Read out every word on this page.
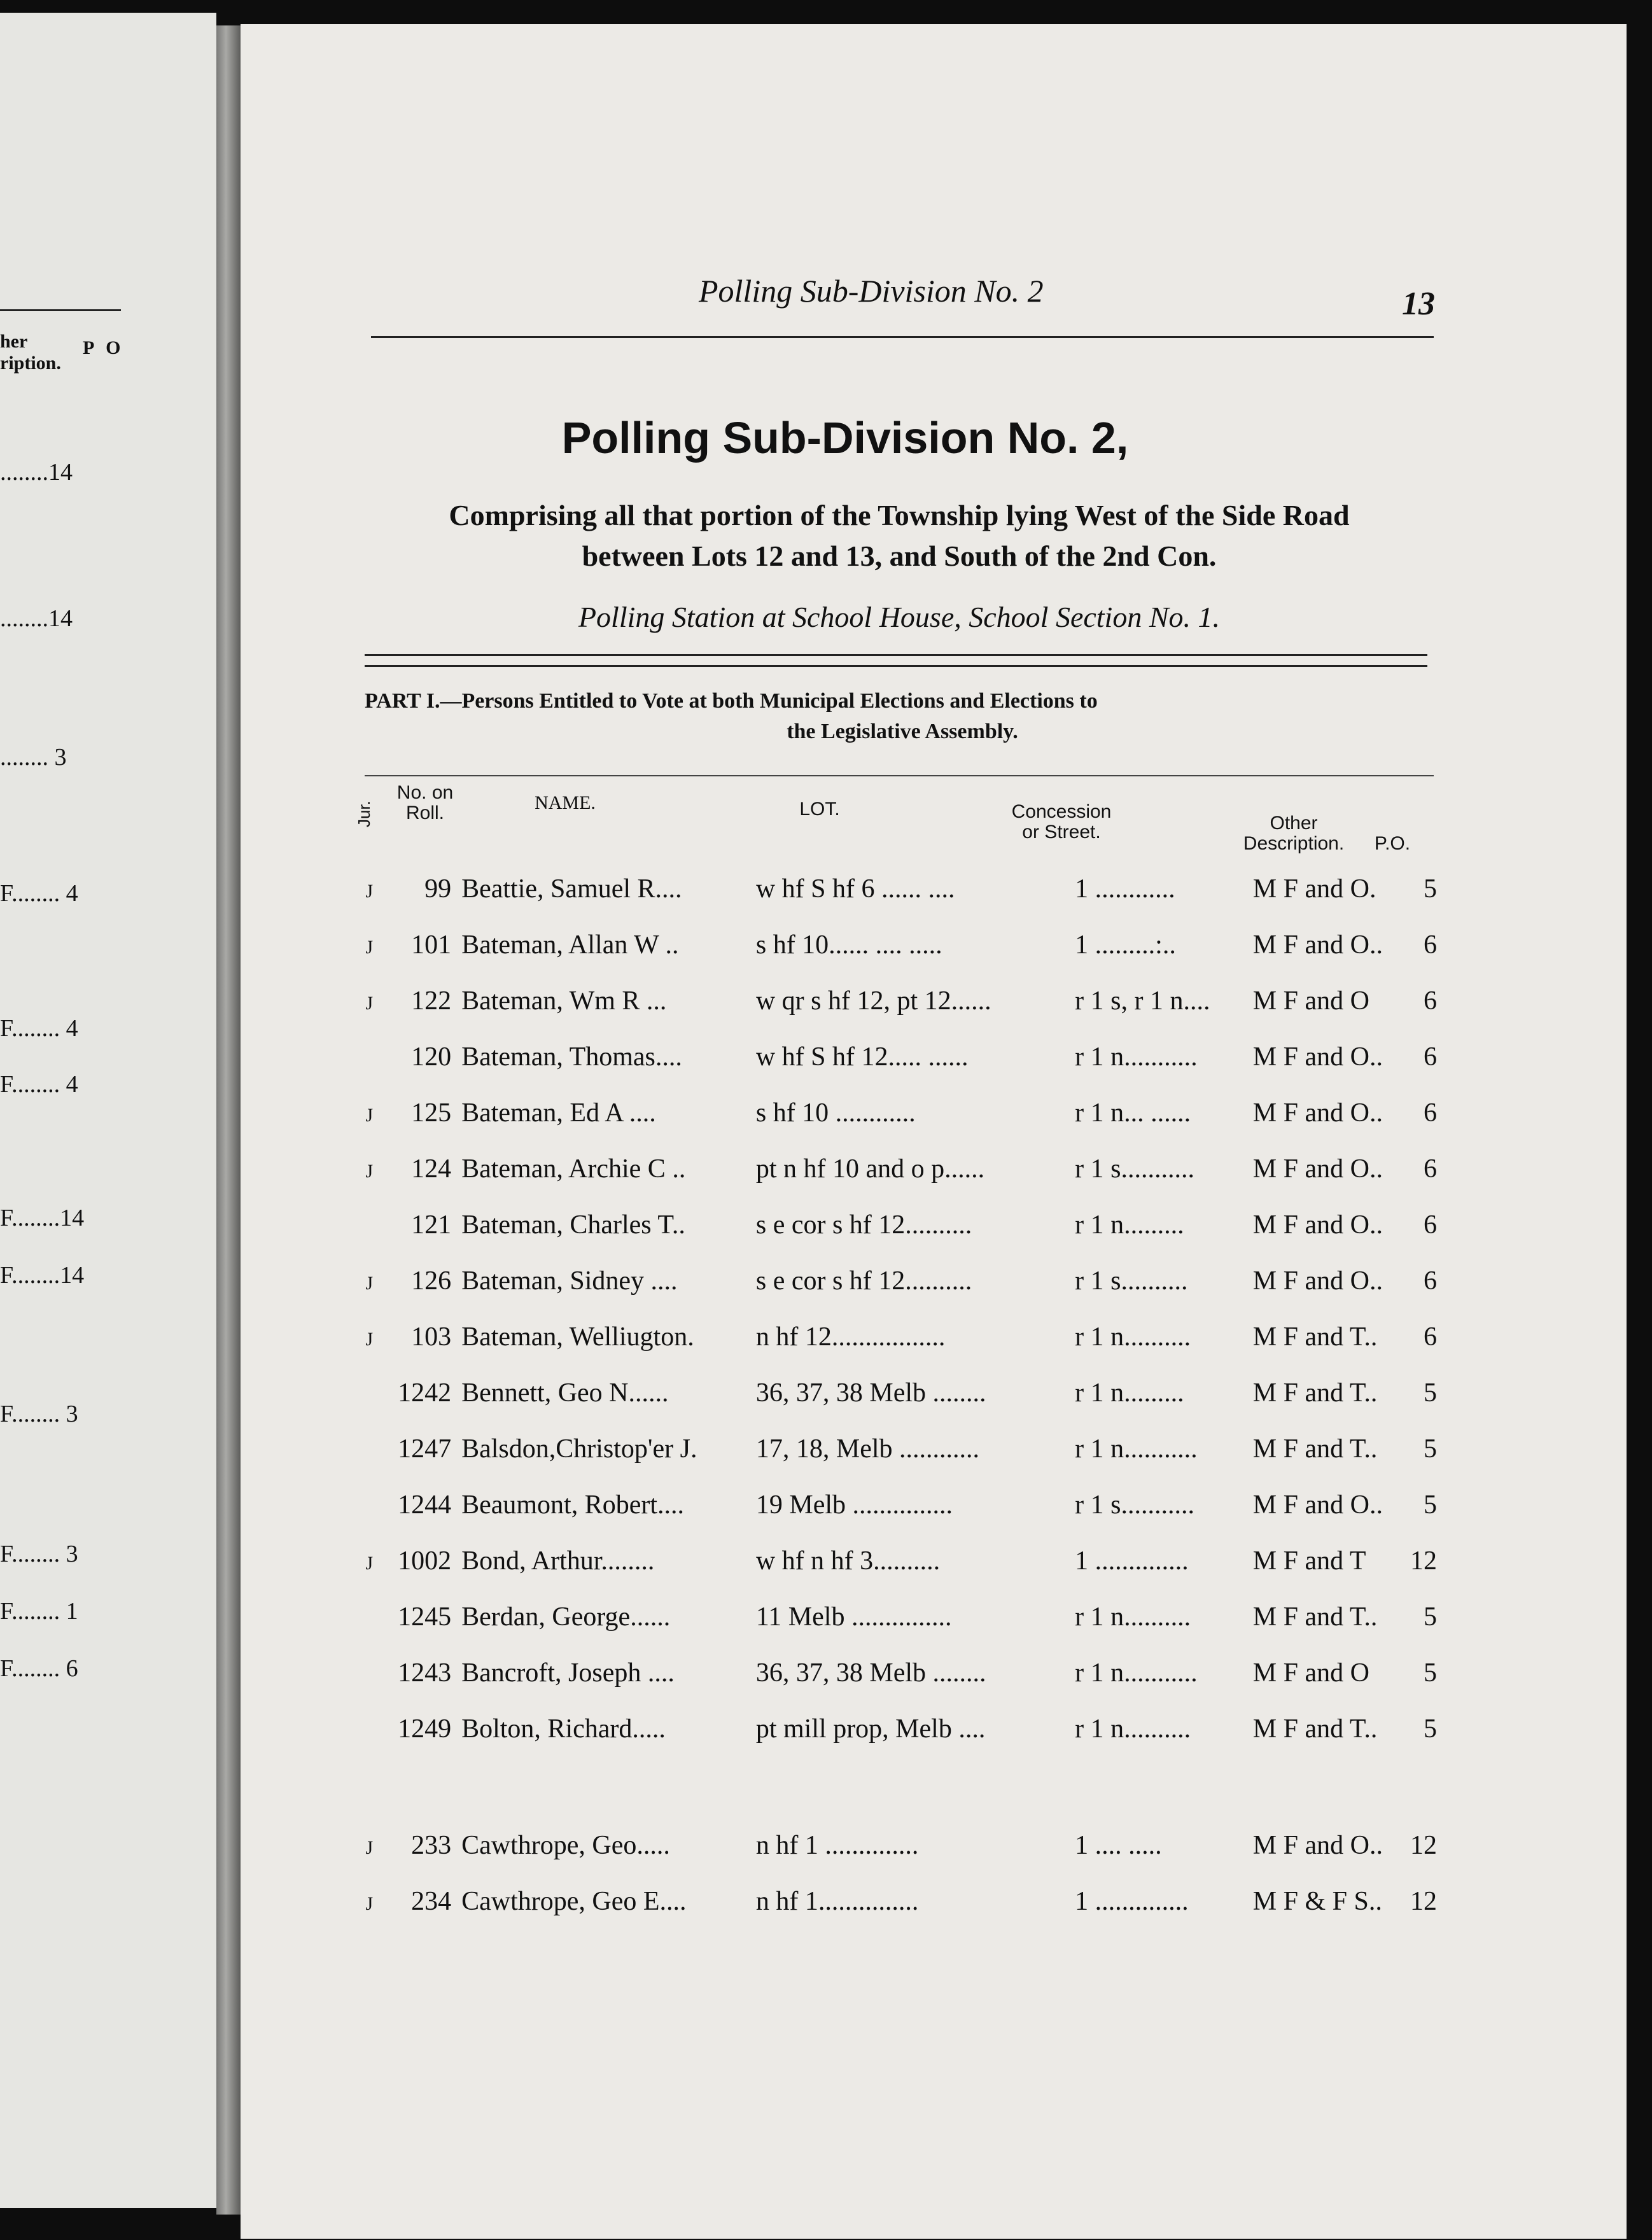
her
ription.
P O
........14
........14
........ 3
F........ 4
F........ 4
F........ 4
F........14
F........14
F........ 3
F........ 3
F........ 1
F........ 6
Polling Sub-Division No. 2	13
Polling Sub-Division No. 2,
Comprising all that portion of the Township lying West of the Side Road
between Lots 12 and 13, and South of the 2nd Con.
Polling Station at School House, School Section No. 1.
PART I.—Persons Entitled to Vote at both Municipal Elections and Elections to
the Legislative Assembly.
Jur.
No. on
Roll.	NAME.	LOT.	Concession
or Street.	Other
Description.	P.O.
J	99 Beattie, Samuel R....	w hf S hf 6 ...... ....	1 ............	M F and O.	5
J	101 Bateman, Allan W ..	s hf 10...... .... .....	1 .........:..	M F and O..	6
J	122 Bateman, Wm R ...	w qr s hf 12, pt 12......	r 1 s, r 1 n....	M F and O	6
120 Bateman, Thomas....	w hf S hf 12..... ......	r 1 n...........	M F and O..	6
J	125 Bateman, Ed A ....	s hf 10 ............	r 1 n... ......	M F and O..	6
J	124 Bateman, Archie C ..	pt n hf 10 and o p......	r 1 s...........	M F and O..	6
121 Bateman, Charles T..	s e cor s hf 12..........	r 1 n.........	M F and O..	6
J	126 Bateman, Sidney ....	s e cor s hf 12..........	r 1 s..........	M F and O..	6
J	103 Bateman, Welliugton.	n hf 12.................	r 1 n..........	M F and T..	6
1242 Bennett, Geo N......	36, 37, 38 Melb ........	r 1 n.........	M F and T..	5
1247 Balsdon,Christop'er J.	17, 18, Melb ............	r 1 n...........	M F and T..	5
1244 Beaumont, Robert....	19 Melb ...............	r 1 s...........	M F and O..	5
J 1002 Bond, Arthur........	w hf n hf 3..........	1 ..............	M F and T	12
1245 Berdan, George......	11 Melb ...............	r 1 n..........	M F and T..	5
1243 Bancroft, Joseph ....	36, 37, 38 Melb ........	r 1 n...........	M F and O	5
1249 Bolton, Richard.....	pt mill prop, Melb ....	r 1 n..........	M F and T..	5
J	233 Cawthrope, Geo.....	n hf 1 ..............	1 .... .....	M F and O..	12
J	234 Cawthrope, Geo E....	n hf 1...............	1 ..............	M F & F S..	12
